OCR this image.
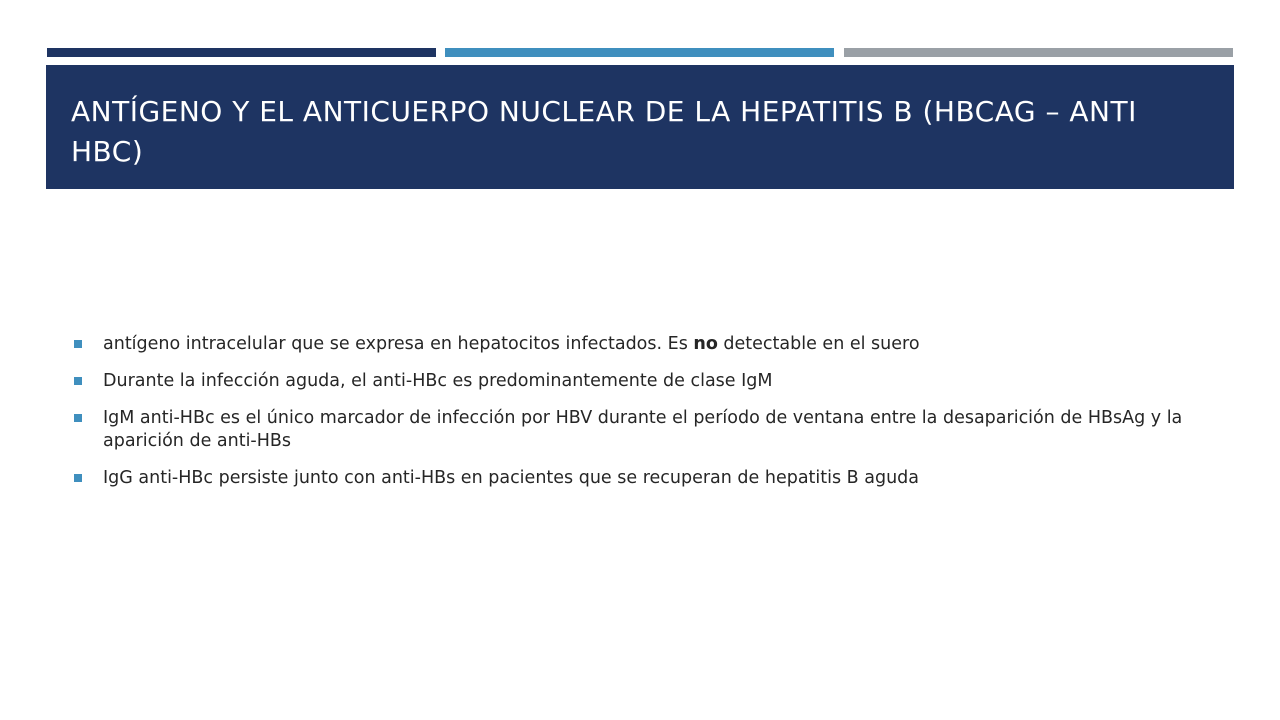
ANTÍGENO Y EL ANTICUERPO NUCLEAR DE LA HEPATITIS B (HBCAG – ANTI HBC)
antígeno intracelular que se expresa en hepatocitos infectados. Es no detectable en el suero
Durante la infección aguda, el anti-HBc es predominantemente de clase IgM
IgM anti-HBc es el único marcador de infección por HBV durante el período de ventana entre la desaparición de HBsAg y la aparición de anti-HBs
IgG anti-HBc persiste junto con anti-HBs en pacientes que se recuperan de hepatitis B aguda
